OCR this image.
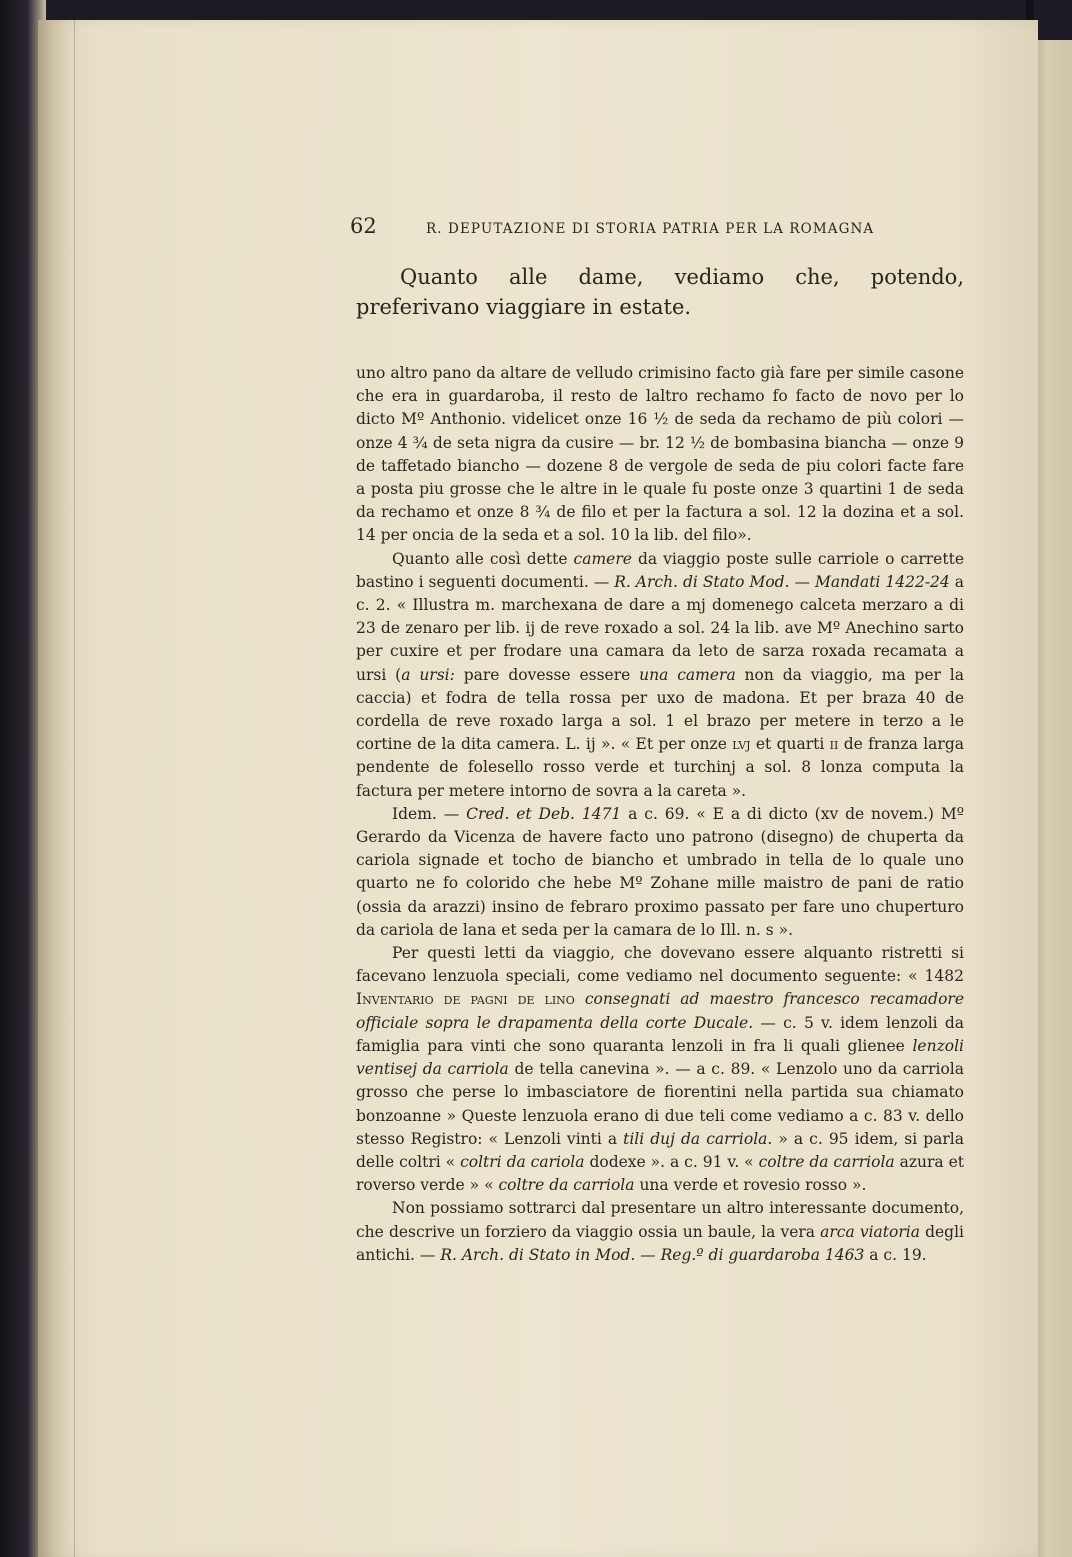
62	R. DEPUTAZIONE DI STORIA PATRIA PER LA ROMAGNA

Quanto alle dame, vediamo che, potendo, preferivano viaggiare in estate.

uno altro pano da altare de velludo crimisino facto già fare per simile casone che era in guardaroba, il resto de laltro rechamo fo facto de novo per lo dicto Mº Anthonio. videlicet onze 16 ½ de seda da rechamo de più colori — onze 4 ¾ de seta nigra da cusire — br. 12 ½ de bombasina biancha — onze 9 de taffetado biancho — dozene 8 de vergole de seda de piu colori facte fare a posta piu grosse che le altre in le quale fu poste onze 3 quartini 1 de seda da rechamo et onze 8 ¾ de filo et per la factura a sol. 12 la dozina et a sol. 14 per oncia de la seda et a sol. 10 la lib. del filo».

Quanto alle così dette camere da viaggio poste sulle carriole o carrette bastino i seguenti documenti. — R. Arch. di Stato Mod. — Mandati 1422-24 a c. 2. « Illustra m. marchexana de dare a mj domenego calceta merzaro a di 23 de zenaro per lib. ij de reve roxado a sol. 24 la lib. ave Mº Anechino sarto per cuxire et per frodare una camara da leto de sarza roxada recamata a ursi (a ursi: pare dovesse essere una camera non da viaggio, ma per la caccia) et fodra de tella rossa per uxo de madona. Et per braza 40 de cordella de reve roxado larga a sol. 1 el brazo per metere in terzo a le cortine de la dita camera. L. ij ». « Et per onze lvj et quarti ii de franza larga pendente de folesello rosso verde et turchinj a sol. 8 lonza computa la factura per metere intorno de sovra a la careta ».

Idem. — Cred. et Deb. 1471 a c. 69. « E a di dicto (xv de novem.) Mº Gerardo da Vicenza de havere facto uno patrono (disegno) de chuperta da cariola signade et tocho de biancho et umbrado in tella de lo quale uno quarto ne fo colorido che hebe Mº Zohane mille maistro de pani de ratio (ossia da arazzi) insino de febraro proximo passato per fare uno chuperturo da cariola de lana et seda per la camara de lo Ill. n. s ».

Per questi letti da viaggio, che dovevano essere alquanto ristretti si facevano lenzuola speciali, come vediamo nel documento seguente: « 1482 Inventario de pagni de lino consegnati ad maestro francesco recamadore officiale sopra le drapamenta della corte Ducale. — c. 5 v. idem lenzoli da famiglia para vinti che sono quaranta lenzoli in fra li quali glienee lenzoli ventisej da carriola de tella canevina ». — a c. 89. « Lenzolo uno da carriola grosso che perse lo imbasciatore de fiorentini nella partida sua chiamato bonzoanne » Queste lenzuola erano di due teli come vediamo a c. 83 v. dello stesso Registro: « Lenzoli vinti a tili duj da carriola. » a c. 95 idem, si parla delle coltri « coltri da cariola dodexe ». a c. 91 v. « coltre da carriola azura et roverso verde » « coltre da carriola una verde et rovesio rosso ».

Non possiamo sottrarci dal presentare un altro interessante documento, che descrive un forziero da viaggio ossia un baule, la vera arca viatoria degli antichi. — R. Arch. di Stato in Mod. — Reg.º di guardaroba 1463 a c. 19.
